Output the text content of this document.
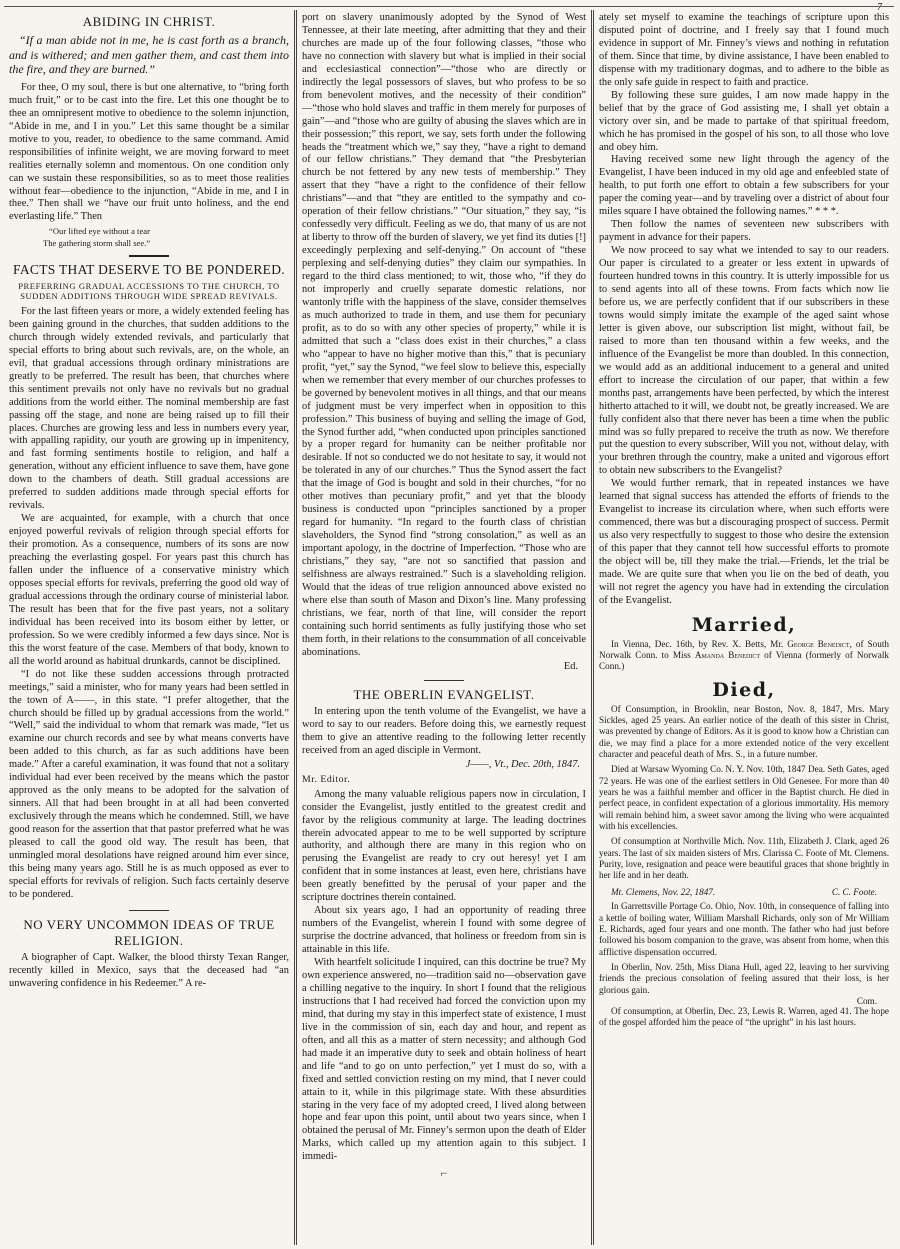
7
ABIDING IN CHRIST.
“If a man abide not in me, he is cast forth as a branch, and is withered; and men gather them, and cast them into the fire, and they are burned.”

For thee, O my soul, there is but one alternative, to “bring forth much fruit,” or to be cast into the fire. Let this one thought be to thee an omnipresent motive to obedience to the solemn injunction, “Abide in me, and I in you.” Let this same thought be a similar motive to you, reader, to obedience to the same command. Amid responsibilities of infinite weight, we are moving forward to meet realities eternally solemn and momentous. On one condition only can we sustain these responsibilities, so as to meet those realities without fear—obedience to the injunction, “Abide in me, and I in thee.” Then shall we “have our fruit unto holiness, and the end everlasting life.” Then

“Our lifted eye without a tear
The gathering storm shall see.”
FACTS THAT DESERVE TO BE PONDERED.
PREFERRING GRADUAL ACCESSIONS TO THE CHURCH, TO SUDDEN ADDITIONS THROUGH WIDE SPREAD REVIVALS.

For the last fifteen years or more, a widely extended feeling has been gaining ground in the churches, that sudden additions to the church through widely extended revivals, and particularly that special efforts to bring about such revivals, are, on the whole, an evil, that gradual accessions through ordinary ministrations are greatly to be preferred. The result has been, that churches where this sentiment prevails not only have no revivals but no gradual additions from the world either. The nominal membership are fast passing off the stage, and none are being raised up to fill their places. Churches are growing less and less in numbers every year, with appalling rapidity, our youth are growing up in impenitency, and fast forming sentiments hostile to religion, and half a generation, without any efficient influence to save them, have gone down to the chambers of death. Still gradual accessions are preferred to sudden additions made through special efforts for revivals.

We are acquainted, for example, with a church that once enjoyed powerful revivals of religion through special efforts for their promotion. As a consequence, numbers of its sons are now preaching the everlasting gospel. For years past this church has fallen under the influence of a conservative ministry which opposes special efforts for revivals, preferring the good old way of gradual accessions through the ordinary course of ministerial labor. The result has been that for the five past years, not a solitary individual has been received into its bosom either by letter, or profession. So we were credibly informed a few days since. Nor is this the worst feature of the case. Members of that body, known to all the world around as habitual drunkards, cannot be disciplined.

“I do not like these sudden accessions through protracted meetings,” said a minister, who for many years had been settled in the town of A——, in this state. “I prefer altogether, that the church should be filled up by gradual accessions from the world.” “Well,” said the individual to whom that remark was made, “let us examine our church records and see by what means converts have been added to this church, as far as such additions have been made.” After a careful examination, it was found that not a solitary individual had ever been received by the means which the pastor approved as the only means to be adopted for the salvation of sinners. All that had been brought in at all had been converted exclusively through the means which he condemned. Still, we have good reason for the assertion that that pastor preferred what he was pleased to call the good old way. The result has been, that unmingled moral desolations have reigned around him ever since, this being many years ago. Still he is as much opposed as ever to special efforts for revivals of religion. Such facts certainly deserve to be pondered.

NO VERY UNCOMMON IDEAS OF TRUE RELIGION.

A biographer of Capt. Walker, the blood thirsty Texan Ranger, recently killed in Mexico, says that the deceased had “an unwavering confidence in his Redeemer.” A re-

port on slavery unanimously adopted by the Synod of West Tennessee, at their late meeting, after admitting that they and their churches are made up of the four following classes, “those who have no connection with slavery but what is implied in their social and ecclesiastical connection”—“those who are directly or indirectly the legal possessors of slaves, but who profess to be so from benevolent motives, and the necessity of their condition” —“those who hold slaves and traffic in them merely for purposes of gain”—and “those who are guilty of abusing the slaves which are in their possession;” this report, we say, sets forth under the following heads the “treatment which we,” say they, “have a right to demand of our fellow christians.” They demand that “the Presbyterian church be not fettered by any new tests of membership.” They assert that they “have a right to the confidence of their fellow christians”—and that “they are entitled to the sympathy and co-operation of their fellow christians.” “Our situation,” they say, “is confessedly very difficult. Feeling as we do, that many of us are not at liberty to throw off the burden of slavery, we yet find its duties [!] exceedingly perplexing and self-denying.” On account of “these perplexing and self-denying duties” they claim our sympathies. In regard to the third class mentioned; to wit, those who, “if they do not improperly and cruelly separate domestic relations, nor wantonly trifle with the happiness of the slave, consider themselves as much authorized to trade in them, and use them for pecuniary profit, as to do so with any other species of property,” while it is admitted that such a “class does exist in their churches,” a class who “appear to have no higher motive than this,” that is pecuniary profit, “yet,” say the Synod, “we feel slow to believe this, especially when we remember that every member of our churches professes to be governed by benevolent motives in all things, and that our means of judgment must be very imperfect when in opposition to this profession.” This business of buying and selling the image of God, the Synod further add, “when conducted upon principles sanctioned by a proper regard for humanity can be neither profitable nor desirable. If not so conducted we do not hesitate to say, it would not be tolerated in any of our churches.” Thus the Synod assert the fact that the image of God is bought and sold in their churches, “for no other motives than pecuniary profit,” and yet that the bloody business is conducted upon “principles sanctioned by a proper regard for humanity. “In regard to the fourth class of christian slaveholders, the Synod find “strong consolation,” as well as an important apology, in the doctrine of Imperfection. “Those who are christians,” they say, “are not so sanctified that passion and selfishness are always restrained.” Such is a slaveholding religion. Would that the ideas of true religion announced above existed no where else than south of Mason and Dixon’s line. Many professing christians, we fear, north of that line, will consider the report containing such horrid sentiments as fully justifying those who set them forth, in their relations to the consummation of all conceivable abominations.

Ed.
THE OBERLIN EVANGELIST.

In entering upon the tenth volume of the Evangelist, we have a word to say to our readers. Before doing this, we earnestly request them to give an attentive reading to the following letter recently received from an aged disciple in Vermont.

J——, Vt., Dec. 20th, 1847.

Mr. Editor.

Among the many valuable religious papers now in circulation, I consider the Evangelist, justly entitled to the greatest credit and favor by the religious community at large. The leading doctrines therein advocated appear to me to be well supported by scripture authority, and although there are many in this region who on perusing the Evangelist are ready to cry out heresy! yet I am confident that in some instances at least, even here, christians have been greatly benefitted by the perusal of your paper and the scripture doctrines therein contained.

About six years ago, I had an opportunity of reading three numbers of the Evangelist, wherein I found with some degree of surprise the doctrine advanced, that holiness or freedom from sin is attainable in this life.

With heartfelt solicitude I inquired, can this doctrine be true? My own experience answered, no—tradition said no—observation gave a chilling negative to the inquiry. In short I found that the religious instructions that I had received had forced the conviction upon my mind, that during my stay in this imperfect state of existence, I must live in the commission of sin, each day and hour, and repent as often, and all this as a matter of stern necessity; and although God had made it an imperative duty to seek and obtain holiness of heart and life “and to go on unto perfection,” yet I must do so, with a fixed and settled conviction resting on my mind, that I never could attain to it, while in this pilgrimage state. With these absurdities staring in the very face of my adopted creed, I lived along between hope and fear upon this point, until about two years since, when I obtained the perusal of Mr. Finney’s sermon upon the death of Elder Marks, which called up my attention again to this subject. I immedi-

⌐

ately set myself to examine the teachings of scripture upon this disputed point of doctrine, and I freely say that I found much evidence in support of Mr. Finney’s views and nothing in refutation of them. Since that time, by divine assistance, I have been enabled to dispense with my traditionary dogmas, and to adhere to the bible as the only safe guide in respect to faith and practice.

By following these sure guides, I am now made happy in the belief that by the grace of God assisting me, I shall yet obtain a victory over sin, and be made to partake of that spiritual freedom, which he has promised in the gospel of his son, to all those who love and obey him.

Having received some new light through the agency of the Evangelist, I have been induced in my old age and enfeebled state of health, to put forth one effort to obtain a few subscribers for your paper the coming year—and by traveling over a district of about four miles square I have obtained the following names.” * * *.

Then follow the names of seventeen new subscribers with payment in advance for their papers.

We now proceed to say what we intended to say to our readers. Our paper is circulated to a greater or less extent in upwards of fourteen hundred towns in this country. It is utterly impossible for us to send agents into all of these towns. From facts which now lie before us, we are perfectly confident that if our subscribers in these towns would simply imitate the example of the aged saint whose letter is given above, our subscription list might, without fail, be raised to more than ten thousand within a few weeks, and the influence of the Evangelist be more than doubled. In this connection, we would add as an additional inducement to a general and united effort to increase the circulation of our paper, that within a few months past, arrangements have been perfected, by which the interest hitherto attached to it will, we doubt not, be greatly increased. We are fully confident also that there never has been a time when the public mind was so fully prepared to receive the truth as now. We therefore put the question to every subscriber, Will you not, without delay, with your brethren through the country, make a united and vigorous effort to obtain new subscribers to the Evangelist?

We would further remark, that in repeated instances we have learned that signal success has attended the efforts of friends to the Evangelist to increase its circulation where, when such efforts were commenced, there was but a discouraging prospect of success. Permit us also very respectfully to suggest to those who desire the extension of this paper that they cannot tell how successful efforts to promote the object will be, till they make the trial.—Friends, let the trial be made. We are quite sure that when you lie on the bed of death, you will not regret the agency you have had in extending the circulation of the Evangelist.

Married,

In Vienna, Dec. 16th, by Rev. X. Betts, Mr. George Benedict, of South Norwalk Conn. to Miss Amanda Benedict of Vienna (formerly of Norwalk Conn.)

Died,

Of Consumption, in Brooklin, near Boston, Nov. 8, 1847, Mrs. Mary Sickles, aged 25 years. An earlier notice of the death of this sister in Christ, was prevented by change of Editors. As it is good to know how a Christian can die, we may find a place for a more extended notice of the very excellent character and peaceful death of Mrs. S., in a future number.

Died at Warsaw Wyoming Co. N. Y. Nov. 10th, 1847 Dea. Seth Gates, aged 72 years. He was one of the earliest settlers in Old Genesee. For more than 40 years he was a faithful member and officer in the Baptist church. He died in perfect peace, in confident expectation of a glorious immortality. His memory will remain behind him, a sweet savor among the living who were acquainted with his excellencies.

Of consumption at Northville Mich. Nov. 11th, Elizabeth J. Clark, aged 26 years. The last of six maiden sisters of Mrs. Clarissa C. Foote of Mt. Clemens. Purity, love, resignation and peace were beautiful graces that shone brightly in her life and in her death.

Mt. Clemens, Nov. 22, 1847.	C. C. Foote.

In Garrettsville Portage Co. Ohio, Nov. 10th, in consequence of falling into a kettle of boiling water, William Marshall Richards, only son of Mr William E. Richards, aged four years and one month. The father who had just before followed his bosom companion to the grave, was absent from home, when this afflictive dispensation occurred.

In Oberlin, Nov. 25th, Miss Diana Hull, aged 22, leaving to her surviving friends the precious consolation of feeling assured that their loss, is her glorious gain.

Com.

Of consumption, at Oberlin, Dec. 23, Lewis R. Warren, aged 41. The hope of the gospel afforded him the peace of “the upright” in his last hours.
